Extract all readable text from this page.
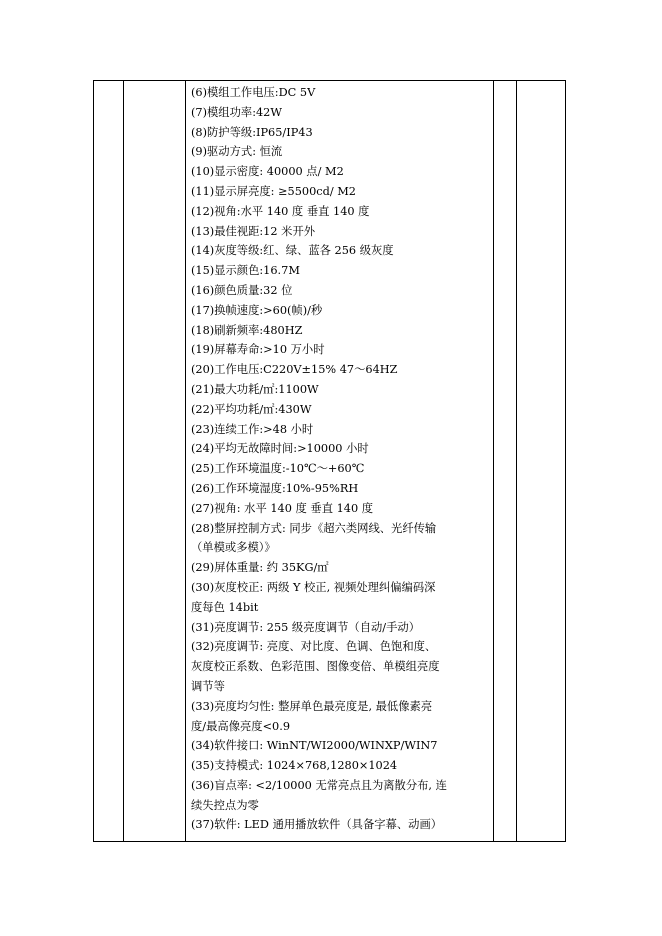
(6)模组工作电压:DC 5V
(7)模组功率:42W
(8)防护等级:IP65/IP43
(9)驱动方式: 恒流
(10)显示密度: 40000 点/ M2
(11)显示屏亮度: ≥5500cd/ M2
(12)视角:水平 140 度 垂直 140 度
(13)最佳视距:12 米开外
(14)灰度等级:红、绿、蓝各 256 级灰度
(15)显示颜色:16.7M
(16)颜色质量:32 位
(17)换帧速度:>60(帧)/秒
(18)刷新频率:480HZ
(19)屏幕寿命:>10 万小时
(20)工作电压:C220V±15% 47～64HZ
(21)最大功耗/㎡:1100W
(22)平均功耗/㎡:430W
(23)连续工作:>48 小时
(24)平均无故障时间:>10000 小时
(25)工作环境温度:-10℃～+60℃
(26)工作环境湿度:10%-95%RH
(27)视角: 水平 140 度 垂直 140 度
(28)整屏控制方式: 同步《超六类网线、光纤传输
（单模或多模）》
(29)屏体重量: 约 35KG/㎡
(30)灰度校正: 两级 Y 校正, 视频处理纠偏编码深
度每色 14bit
(31)亮度调节: 255 级亮度调节（自动/手动）
(32)亮度调节: 亮度、对比度、色调、色饱和度、
灰度校正系数、色彩范围、图像变倍、单模组亮度
调节等
(33)亮度均匀性: 整屏单色最亮度是, 最低像素亮
度/最高像亮度<0.9
(34)软件接口: WinNT/WI2000/WINXP/WIN7
(35)支持模式: 1024×768,1280×1024
(36)盲点率: <2/10000 无常亮点且为离散分布, 连
续失控点为零
(37)软件: LED 通用播放软件（具备字幕、动画）
